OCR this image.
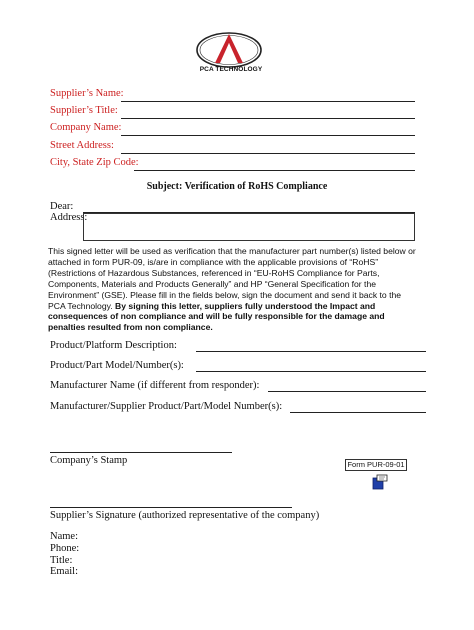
PCA TECHNOLOGY
Supplier’s Name:
Supplier’s Title:
Company Name:
Street Address:
City, State Zip Code:
Subject: Verification of RoHS Compliance
Dear:
Address:
This signed letter will be used as verification that the manufacturer part number(s) listed below or attached in form PUR-09, is/are in compliance with the applicable provisions of “RoHS” (Restrictions of Hazardous Substances, referenced in “EU-RoHS Compliance for Parts, Components, Materials and Products Generally” and HP “General Specification for the Environment” (GSE). Please fill in the fields below, sign the document and send it back to the PCA Technology. By signing this letter, suppliers fully understood the Impact and consequences of non compliance and will be fully responsible for the damage and penalties resulted from non compliance.
Product/Platform Description:
Product/Part Model/Number(s):
Manufacturer Name (if different from responder):
Manufacturer/Supplier Product/Part/Model Number(s):
Company’s Stamp	Form PUR-09-01
Supplier’s Signature (authorized representative of the company)
Name:
Phone:
Title:
Email:
